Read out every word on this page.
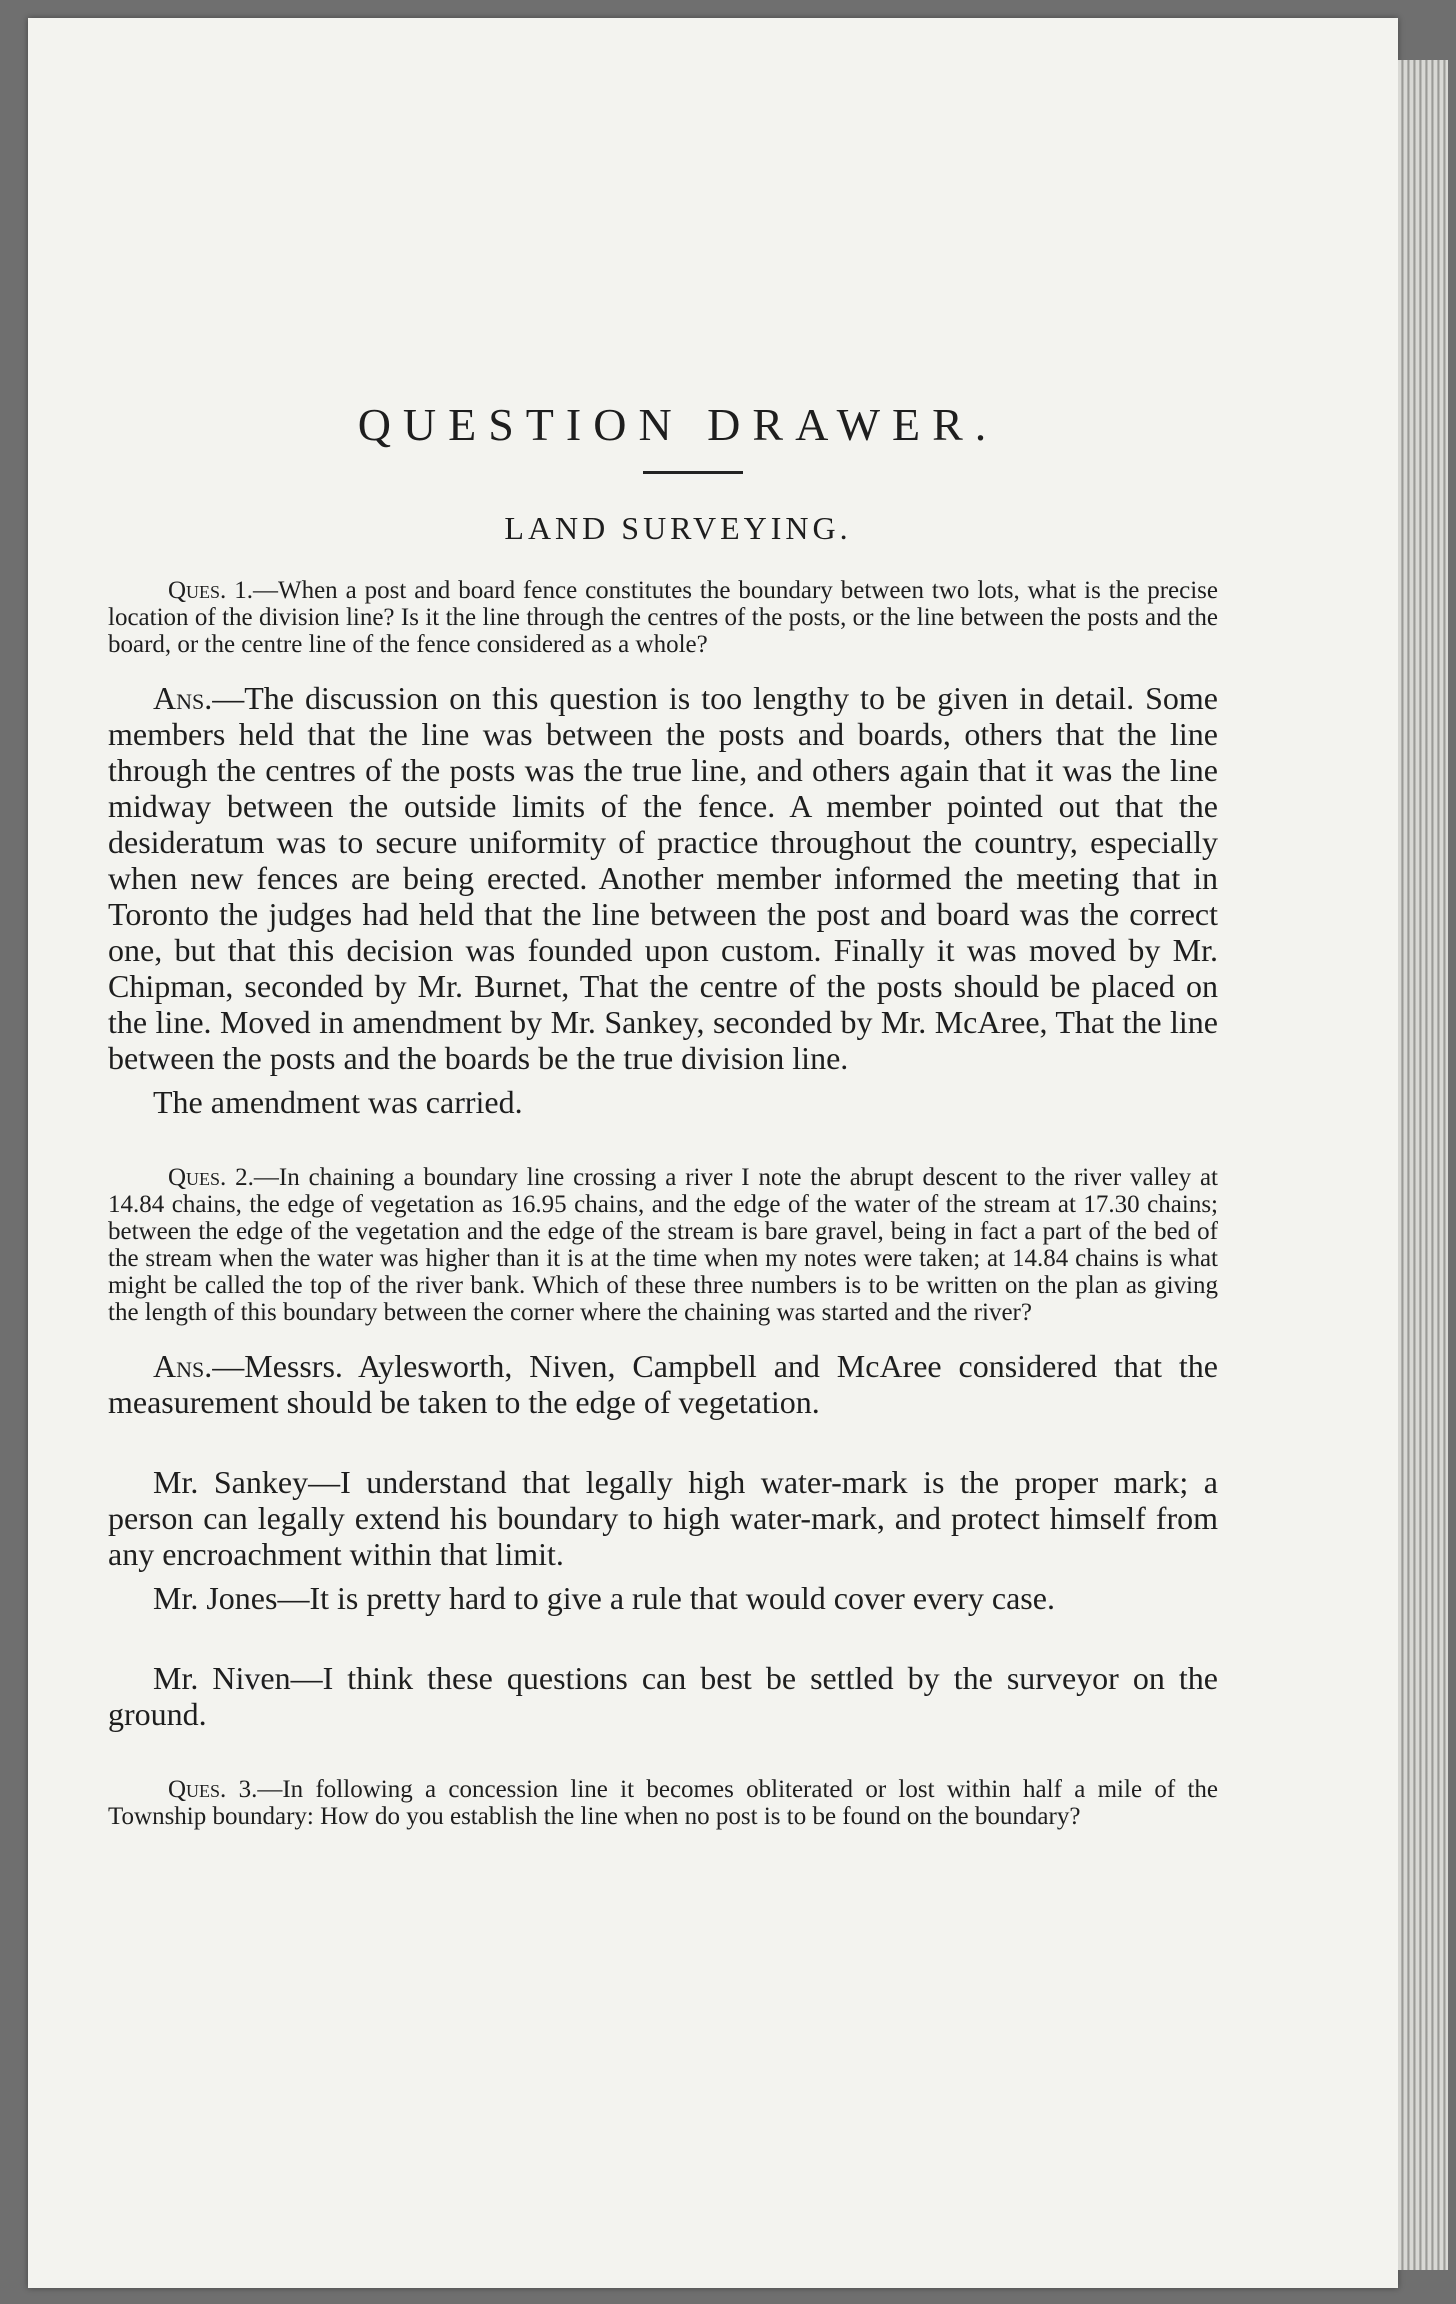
QUESTION DRAWER.
LAND SURVEYING.

Ques. 1.—When a post and board fence constitutes the boundary between two lots, what is the precise location of the division line? Is it the line through the centres of the posts, or the line between the posts and the board, or the centre line of the fence considered as a whole?

Ans.—The discussion on this question is too lengthy to be given in detail. Some members held that the line was between the posts and boards, others that the line through the centres of the posts was the true line, and others again that it was the line midway between the outside limits of the fence. A member pointed out that the desideratum was to secure uniformity of practice throughout the country, especially when new fences are being erected. Another member informed the meeting that in Toronto the judges had held that the line between the post and board was the correct one, but that this decision was founded upon custom. Finally it was moved by Mr. Chipman, seconded by Mr. Burnet, That the centre of the posts should be placed on the line. Moved in amendment by Mr. Sankey, seconded by Mr. McAree, That the line between the posts and the boards be the true division line.

The amendment was carried.

Ques. 2.—In chaining a boundary line crossing a river I note the abrupt descent to the river valley at 14.84 chains, the edge of vegetation as 16.95 chains, and the edge of the water of the stream at 17.30 chains; between the edge of the vegetation and the edge of the stream is bare gravel, being in fact a part of the bed of the stream when the water was higher than it is at the time when my notes were taken; at 14.84 chains is what might be called the top of the river bank. Which of these three numbers is to be written on the plan as giving the length of this boundary between the corner where the chaining was started and the river?

Ans.—Messrs. Aylesworth, Niven, Campbell and McAree considered that the measurement should be taken to the edge of vegetation.

Mr. Sankey—I understand that legally high water-mark is the proper mark; a person can legally extend his boundary to high water-mark, and protect himself from any encroachment within that limit.

Mr. Jones—It is pretty hard to give a rule that would cover every case.

Mr. Niven—I think these questions can best be settled by the surveyor on the ground.

Ques. 3.—In following a concession line it becomes obliterated or lost within half a mile of the Township boundary: How do you establish the line when no post is to be found on the boundary?
